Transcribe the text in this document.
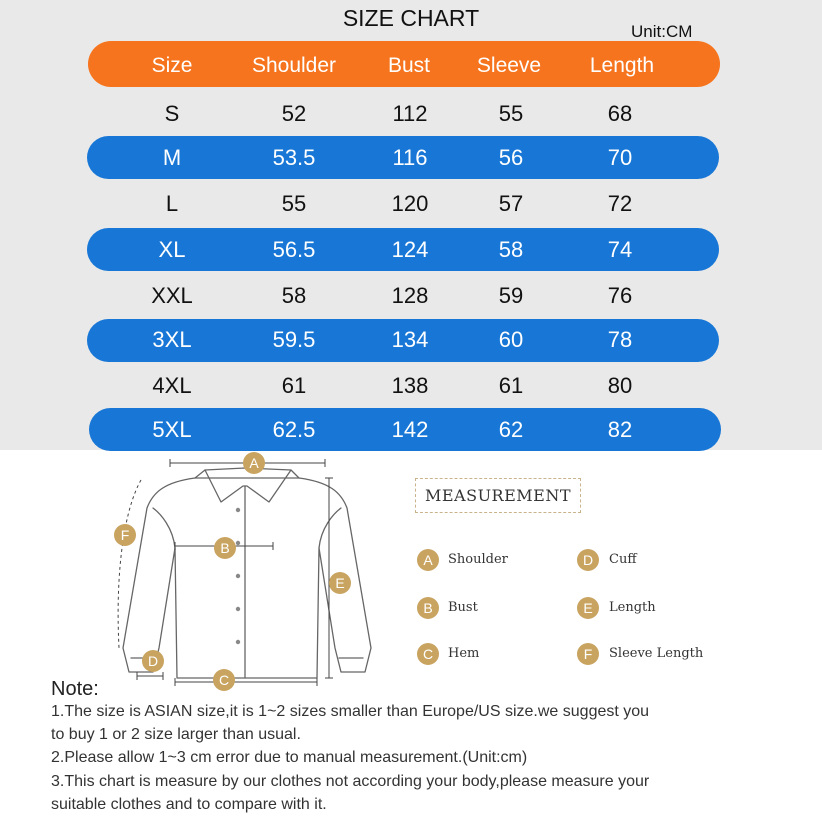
SIZE CHART
Unit:CM
Size	Shoulder	Bust	Sleeve	Length
S	52	112	55	68
M	53.5	116	56	70
L	55	120	57	72
XL	56.5	124	58	74
XXL	58	128	59	76
3XL	59.5	134	60	78
4XL	61	138	61	80
5XL	62.5	142	62	82
A
B
C
D
E
F
MEASUREMENT
A	Shoulder
B	Bust
C	Hem
D	Cuff
E	Length
F	Sleeve Length
Note:
1.The size is ASIAN size,it is 1~2 sizes smaller than Europe/US size.we suggest you
to buy 1 or 2 size larger than usual.
2.Please allow 1~3 cm error due to manual measurement.(Unit:cm)
3.This chart is measure by our clothes not according your body,please measure your
suitable clothes and to compare with it.
